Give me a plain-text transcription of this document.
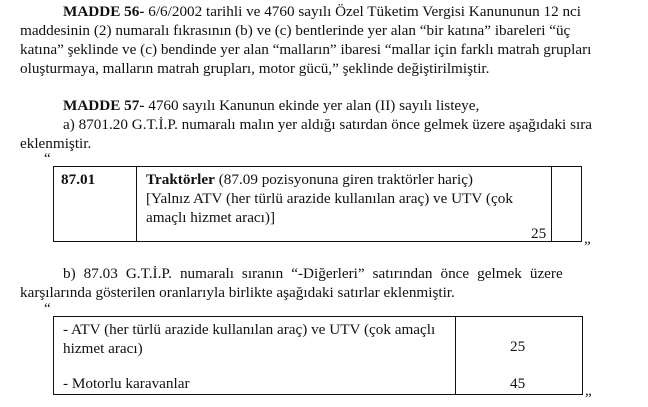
MADDE 56- 6/6/2002 tarihli ve 4760 sayılı Özel Tüketim Vergisi Kanununun 12 nci
maddesinin (2) numaralı fıkrasının (b) ve (c) bentlerinde yer alan “bir katına” ibareleri “üç
katına” şeklinde ve (c) bendinde yer alan “malların” ibaresi “mallar için farklı matrah grupları
oluşturmaya, malların matrah grupları, motor gücü,” şeklinde değiştirilmiştir.
MADDE 57- 4760 sayılı Kanunun ekinde yer alan (II) sayılı listeye,
a) 8701.20 G.T.İ.P. numaralı malın yer aldığı satırdan önce gelmek üzere aşağıdaki sıra
eklenmiştir.
“
87.01	Traktörler (87.09 pozisyonuna giren traktörler hariç)
[Yalnız ATV (her türlü arazide kullanılan araç) ve UTV (çok amaçlı hizmet aracı)]
25
”
b) 87.03 G.T.İ.P. numaralı sıranın “-Diğerleri” satırından önce gelmek üzere
karşılarında gösterilen oranlarıyla birlikte aşağıdaki satırlar eklenmiştir.
“
- ATV (her türlü arazide kullanılan araç) ve UTV (çok amaçlı hizmet aracı)
- Motorlu karavanlar
25
45
”
